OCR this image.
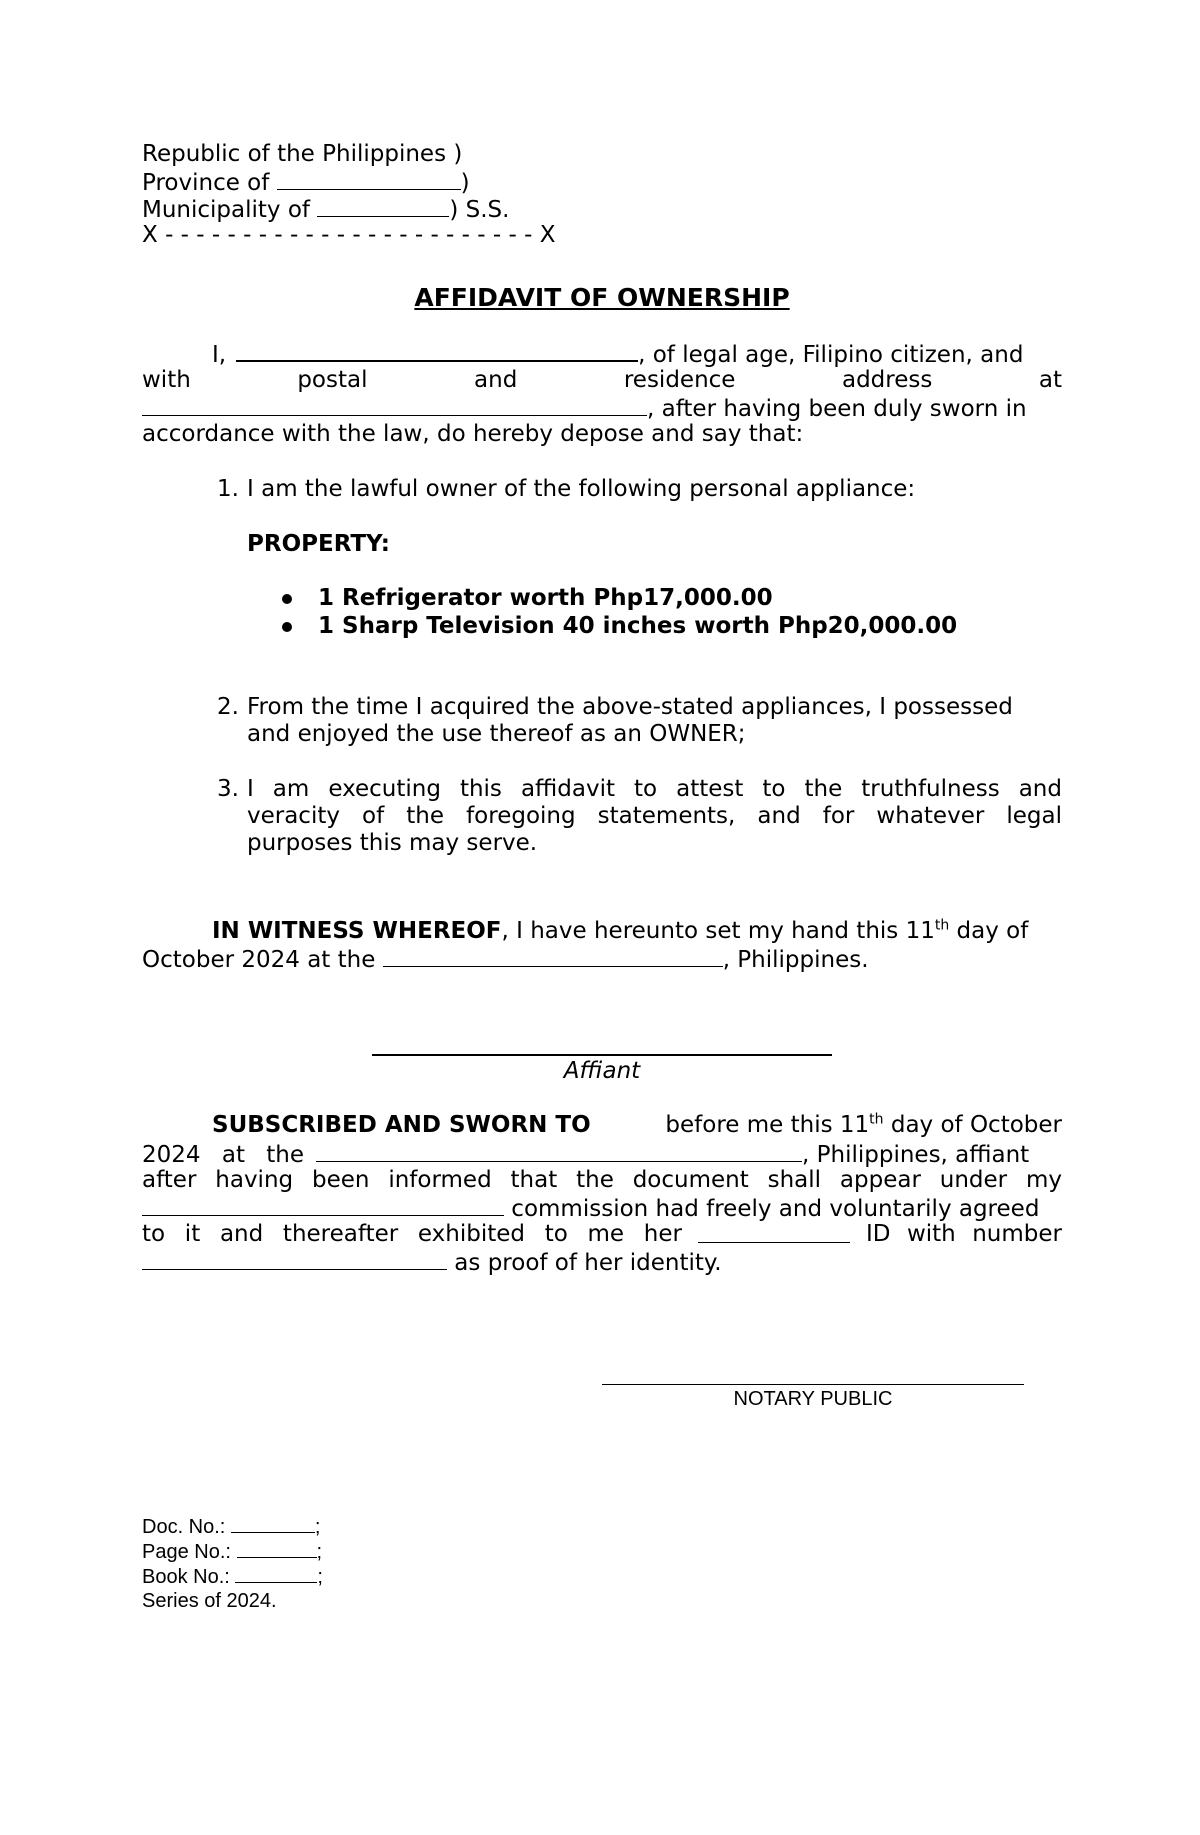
Republic of the Philippines )
Province of	)
Municipality of	) S.S.
X - - - - - - - - - - - - - - - - - - - - - - - - X
AFFIDAVIT OF OWNERSHIP
I,	, of legal age, Filipino citizen, and
with postal and residence address at
, after having been duly sworn in
accordance with the law, do hereby depose and say that:
1. I am the lawful owner of the following personal appliance:
PROPERTY:
1 Refrigerator worth Php17,000.00
1 Sharp Television 40 inches worth Php20,000.00
2. From the time I acquired the above-stated appliances, I possessed
and enjoyed the use thereof as an OWNER;
3. I am executing this affidavit to attest to the truthfulness and
veracity of the foregoing statements, and for whatever legal
purposes this may serve.
IN WITNESS WHEREOF, I have hereunto set my hand this 11th day of
October 2024 at the	, Philippines.
Affiant
SUBSCRIBED AND SWORN TO	before me this 11th day of October
2024 at the	, Philippines, affiant
after having been informed that the document shall appear under my
commission had freely and voluntarily agreed
to it and thereafter exhibited to me her	ID with number
as proof of her identity.
NOTARY PUBLIC
Doc. No.:	;
Page No.:	;
Book No.:	;
Series of 2024.
